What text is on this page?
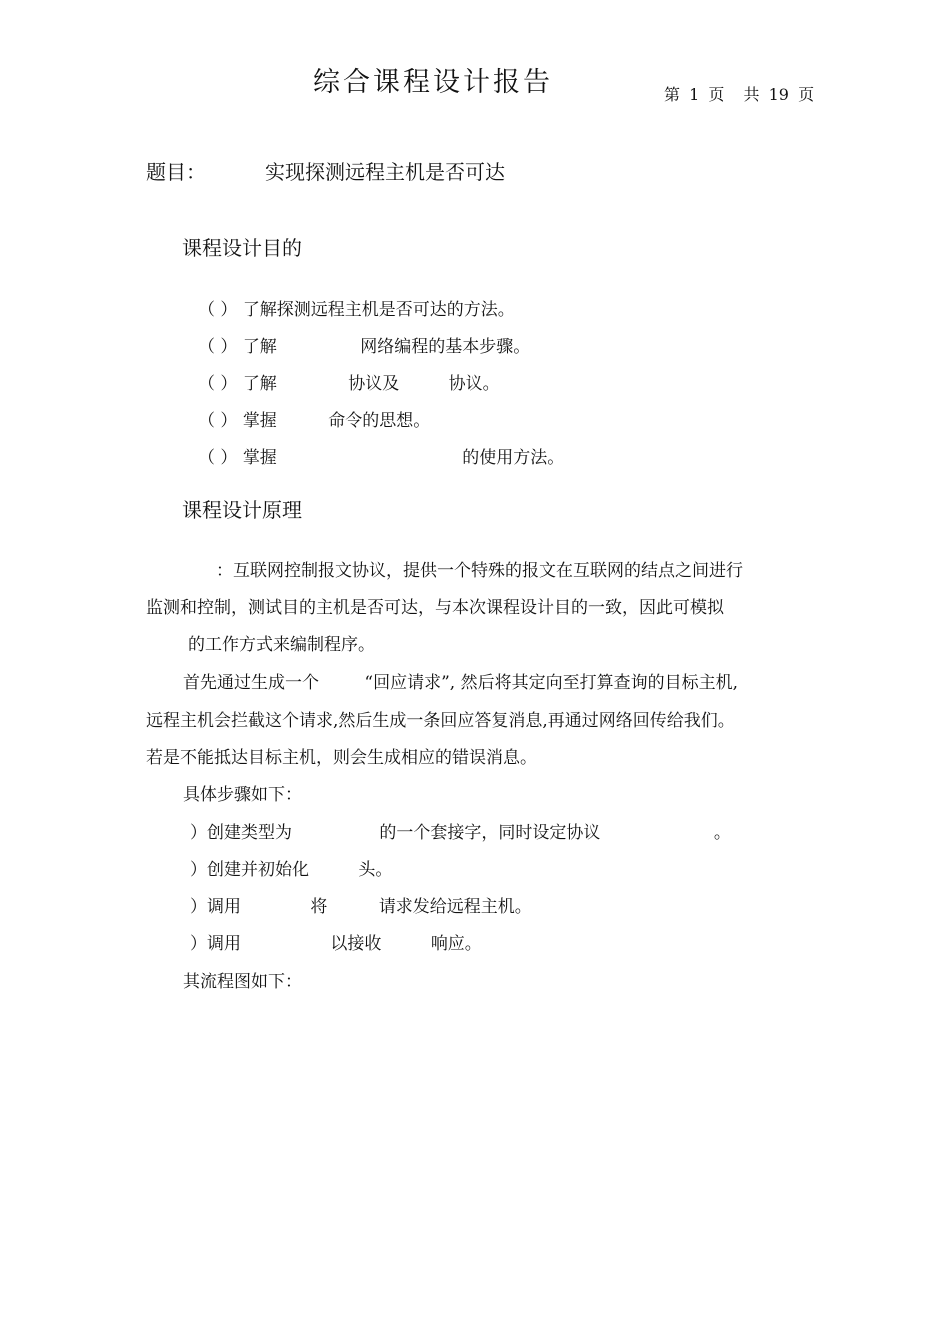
综合课程设计报告	第 1 页 共 19 页
题目：	实现探测远程主机是否可达
课程设计目的
（ ） 了解探测远程主机是否可达的方法。
（ ） 了解	网络编程的基本步骤。
（ ） 了解	协议及	协议。
（ ） 掌握	命令的思想。
（ ） 掌握	的使用方法。
课程设计原理
：互联网控制报文协议，提供一个特殊的报文在互联网的结点之间进行
监测和控制，测试目的主机是否可达，与本次课程设计目的一致，因此可模拟
的工作方式来编制程序。
首先通过生成一个	“回应请求”, 然后将其定向至打算查询的目标主机,
远程主机会拦截这个请求,然后生成一条回应答复消息,再通过网络回传给我们。
若是不能抵达目标主机，则会生成相应的错误消息。
具体步骤如下：
）创建类型为	的一个套接字，同时设定协议	。
）创建并初始化	头。
）调用	将	请求发给远程主机。
）调用	以接收	响应。
其流程图如下：
